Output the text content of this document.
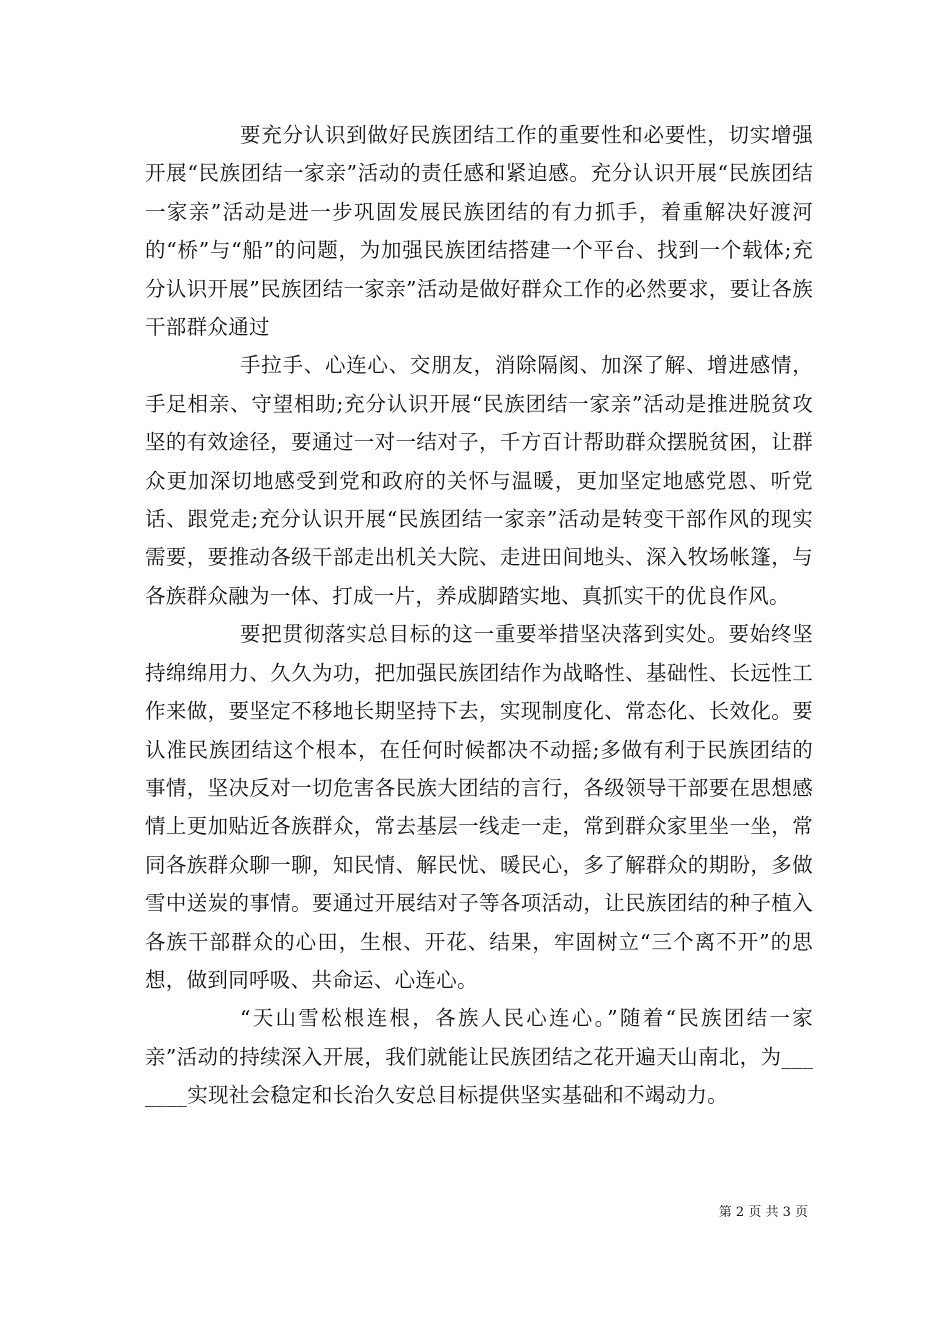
要充分认识到做好民族团结工作的重要性和必要性，切实增强开展“民族团结一家亲”活动的责任感和紧迫感。充分认识开展“民族团结一家亲”活动是进一步巩固发展民族团结的有力抓手，着重解决好渡河的“桥”与“船”的问题，为加强民族团结搭建一个平台、找到一个载体;充分认识开展”民族团结一家亲”活动是做好群众工作的必然要求，要让各族干部群众通过

手拉手、心连心、交朋友，消除隔阂、加深了解、增进感情，手足相亲、守望相助;充分认识开展“民族团结一家亲”活动是推进脱贫攻坚的有效途径，要通过一对一结对子，千方百计帮助群众摆脱贫困，让群众更加深切地感受到党和政府的关怀与温暖，更加坚定地感党恩、听党话、跟党走;充分认识开展“民族团结一家亲”活动是转变干部作风的现实需要，要推动各级干部走出机关大院、走进田间地头、深入牧场帐篷，与各族群众融为一体、打成一片，养成脚踏实地、真抓实干的优良作风。

要把贯彻落实总目标的这一重要举措坚决落到实处。要始终坚持绵绵用力、久久为功，把加强民族团结作为战略性、基础性、长远性工作来做，要坚定不移地长期坚持下去，实现制度化、常态化、长效化。要认准民族团结这个根本，在任何时候都决不动摇;多做有利于民族团结的事情，坚决反对一切危害各民族大团结的言行，各级领导干部要在思想感情上更加贴近各族群众，常去基层一线走一走，常到群众家里坐一坐，常同各族群众聊一聊，知民情、解民忧、暖民心，多了解群众的期盼，多做雪中送炭的事情。要通过开展结对子等各项活动，让民族团结的种子植入各族干部群众的心田，生根、开花、结果，牢固树立“三个离不开”的思想，做到同呼吸、共命运、心连心。

“天山雪松根连根，各族人民心连心。”随着“民族团结一家亲”活动的持续深入开展，我们就能让民族团结之花开遍天山南北，为_______实现社会稳定和长治久安总目标提供坚实基础和不竭动力。

第 2 页 共 3 页
